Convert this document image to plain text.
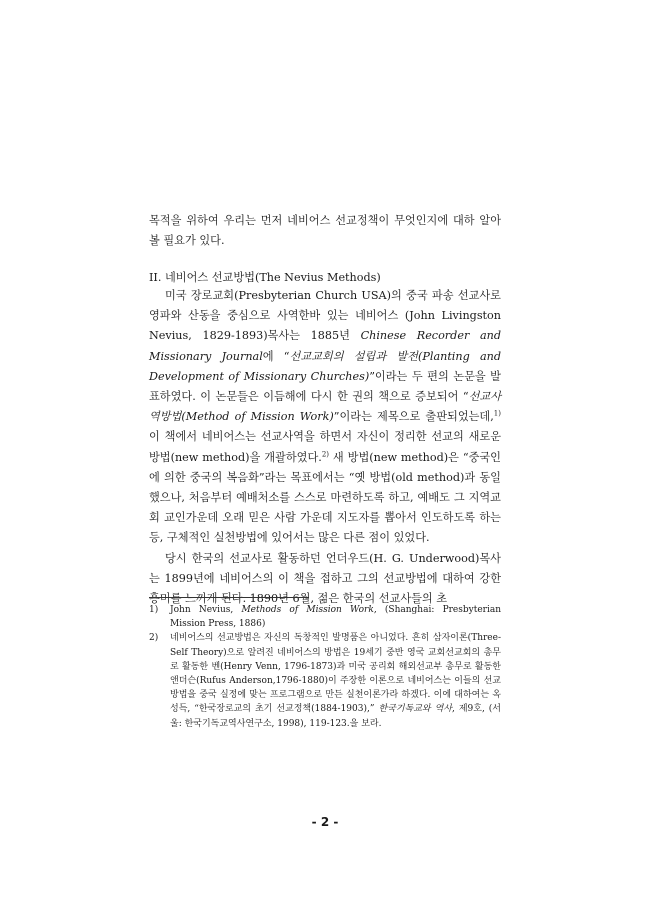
목적을 위하여 우리는 먼저 네비어스 선교정책이 무엇인지에 대하 알아볼 필요가 있다.

II. 네비어스 선교방법(The Nevius Methods)

미국 장로교회(Presbyterian Church USA)의 중국 파송 선교사로 영파와 산동을 중심으로 사역한바 있는 네비어스 (John Livingston Nevius, 1829-1893)목사는 1885년 Chinese Recorder and Missionary Journal에 “선교교회의 설립과 발전(Planting and Development of Missionary Churches)”이라는 두 편의 논문을 발표하였다. 이 논문들은 이듬해에 다시 한 권의 책으로 증보되어 “선교사역방법(Method of Mission Work)”이라는 제목으로 출판되었는데,$^{1)}$ 이 책에서 네비어스는 선교사역을 하면서 자신이 정리한 선교의 새로운 방법(new method)을 개괄하였다.$^{2)}$ 새 방법(new method)은 “중국인에 의한 중국의 복음화”라는 목표에서는 “옛 방법(old method)과 동일했으나, 처음부터 예배처소를 스스로 마련하도록 하고, 예배도 그 지역교회 교인가운데 오래 믿은 사람 가운데 지도자를 뽑아서 인도하도록 하는 등, 구체적인 실천방법에 있어서는 많은 다른 점이 있었다.

당시 한국의 선교사로 활동하던 언더우드(H. G. Underwood)목사는 1899년에 네비어스의 이 책을 접하고 그의 선교방법에 대하여 강한 흥미를 느끼게 된다. 1890년 6월, 젊은 한국의 선교사들의 초

1)	John Nevius, Methods of Mission Work, (Shanghai: Presbyterian Mission Press, 1886)
2)	네비어스의 선교방법은 자신의 독창적인 발명품은 아니었다. 흔히 삼자이론(Three-Self Theory)으로 알려진 네비어스의 방법은 19세기 중반 영국 교회선교회의 총무로 활동한 벤(Henry Venn, 1796-1873)과 미국 공리회 해외선교부 총무로 활동한 앤더슨(Rufus Anderson,1796-1880)이 주장한 이론으로 네비어스는 이들의 선교방법을 중국 실정에 맞는 프로그램으로 만든 실천이론가라 하겠다. 이에 대하여는 옥성득, “한국장로교의 초기 선교정책(1884-1903),” 한국기독교와 역사, 제9호, (서울: 한국기독교역사연구소, 1998), 119-123.을 보라.
- 2 -
